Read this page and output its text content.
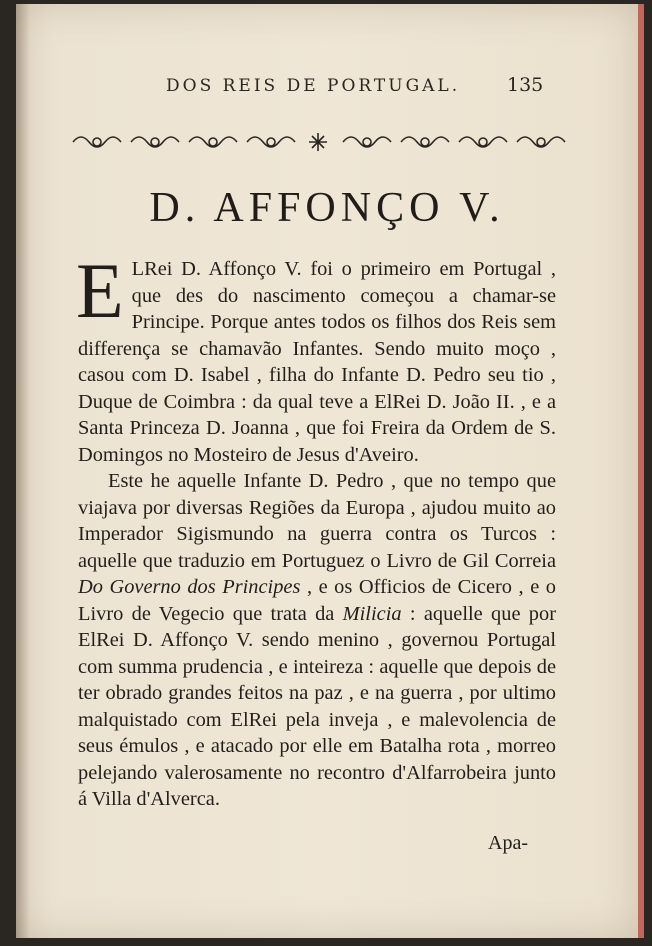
DOS REIS DE PORTUGAL. 135
D. AFFONÇO V.

E LRei D. Affonço V. foi o primeiro em Portugal , que des do nascimento começou a chamar-se Principe. Porque antes todos os filhos dos Reis sem differença se chamavão Infantes. Sendo muito moço , casou com D. Isabel , filha do Infante D. Pedro seu tio , Duque de Coimbra : da qual teve a ElRei D. João II. , e a Santa Princeza D. Joanna , que foi Freira da Ordem de S. Domingos no Mosteiro de Jesus d'Aveiro.

Este he aquelle Infante D. Pedro , que no tempo que viajava por diversas Regiões da Europa , ajudou muito ao Imperador Sigismundo na guerra contra os Turcos : aquelle que traduzio em Portuguez o Livro de Gil Correia Do Governo dos Principes , e os Officios de Cicero , e o Livro de Vegecio que trata da Milicia : aquelle que por ElRei D. Affonço V. sendo menino , governou Portugal com summa prudencia , e inteireza : aquelle que depois de ter obrado grandes feitos na paz , e na guerra , por ultimo malquistado com ElRei pela inveja , e malevolencia de seus émulos , e atacado por elle em Batalha rota , morreo pelejando valerosamente no recontro d'Alfarrobeira junto á Villa d'Alverca.

Apa-
